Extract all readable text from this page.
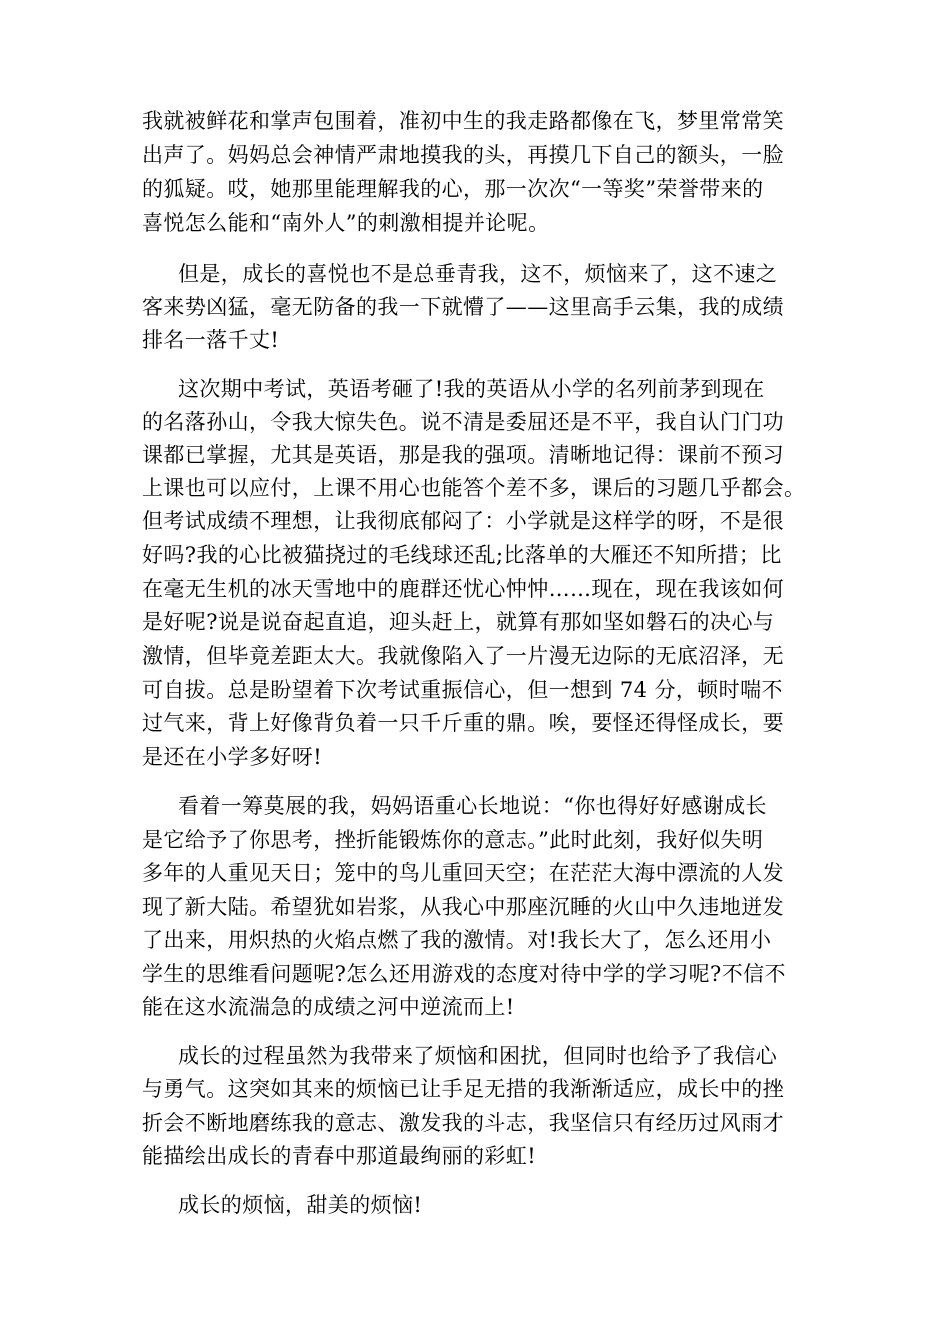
我就被鲜花和掌声包围着，准初中生的我走路都像在飞，梦里常常笑
出声了。妈妈总会神情严肃地摸我的头，再摸几下自己的额头，一脸
的狐疑。哎，她那里能理解我的心，那一次次“一等奖”荣誉带来的
喜悦怎么能和“南外人”的刺激相提并论呢。
但是，成长的喜悦也不是总垂青我，这不，烦恼来了，这不速之
客来势凶猛，毫无防备的我一下就懵了——这里高手云集，我的成绩
排名一落千丈!
这次期中考试，英语考砸了!我的英语从小学的名列前茅到现在
的名落孙山，令我大惊失色。说不清是委屈还是不平，我自认门门功
课都已掌握，尤其是英语，那是我的强项。清晰地记得：课前不预习
上课也可以应付，上课不用心也能答个差不多，课后的习题几乎都会。
但考试成绩不理想，让我彻底郁闷了：小学就是这样学的呀，不是很
好吗?我的心比被猫挠过的毛线球还乱;比落单的大雁还不知所措；比
在毫无生机的冰天雪地中的鹿群还忧心忡忡……现在，现在我该如何
是好呢?说是说奋起直追，迎头赶上，就算有那如坚如磐石的决心与
激情，但毕竟差距太大。我就像陷入了一片漫无边际的无底沼泽，无
可自拔。总是盼望着下次考试重振信心，但一想到 74 分，顿时喘不
过气来，背上好像背负着一只千斤重的鼎。唉，要怪还得怪成长，要
是还在小学多好呀!
看着一筹莫展的我，妈妈语重心长地说：“你也得好好感谢成长
是它给予了你思考，挫折能锻炼你的意志。”此时此刻，我好似失明
多年的人重见天日；笼中的鸟儿重回天空；在茫茫大海中漂流的人发
现了新大陆。希望犹如岩浆，从我心中那座沉睡的火山中久违地迸发
了出来，用炽热的火焰点燃了我的激情。对!我长大了，怎么还用小
学生的思维看问题呢?怎么还用游戏的态度对待中学的学习呢?不信不
能在这水流湍急的成绩之河中逆流而上!
成长的过程虽然为我带来了烦恼和困扰，但同时也给予了我信心
与勇气。这突如其来的烦恼已让手足无措的我渐渐适应，成长中的挫
折会不断地磨练我的意志、激发我的斗志，我坚信只有经历过风雨才
能描绘出成长的青春中那道最绚丽的彩虹!
成长的烦恼，甜美的烦恼!
